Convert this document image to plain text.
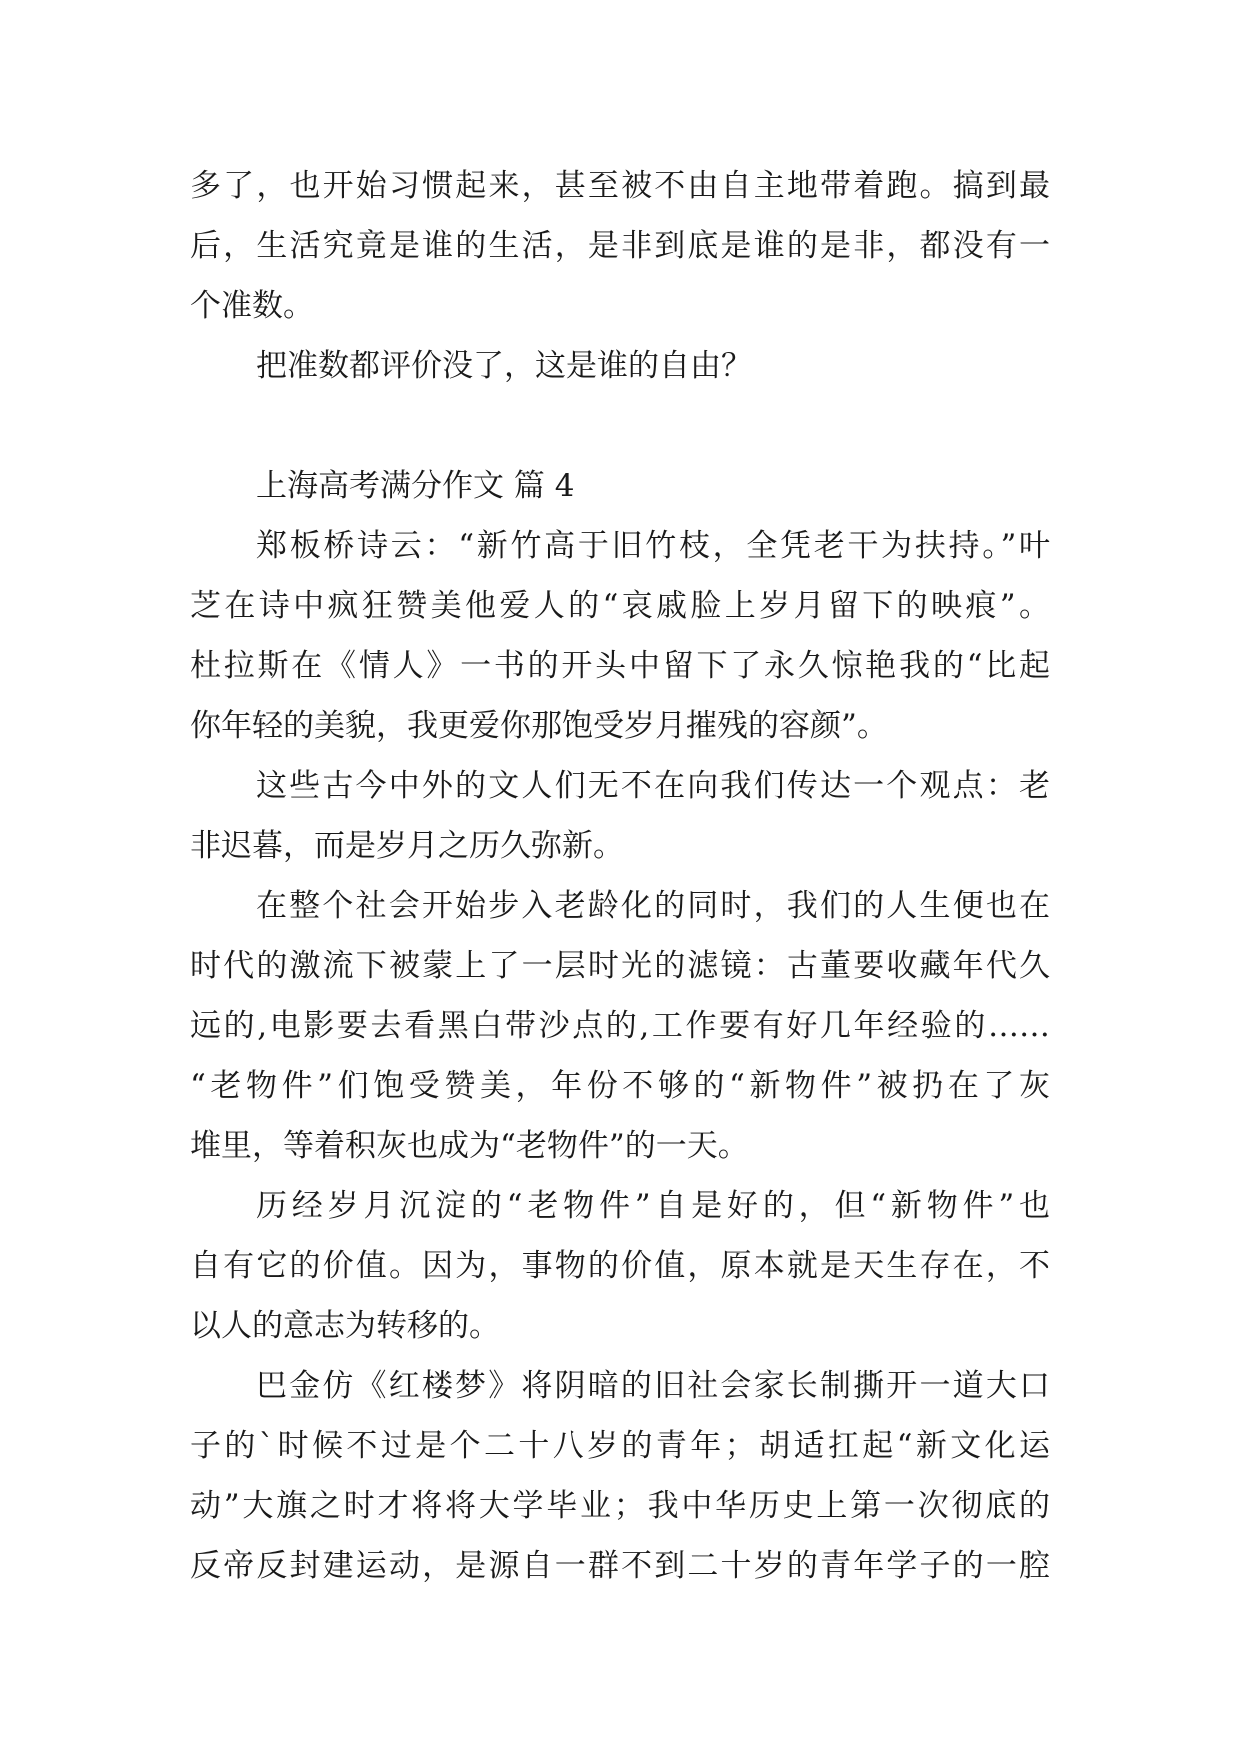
多了，也开始习惯起来，甚至被不由自主地带着跑。搞到最

后，生活究竟是谁的生活，是非到底是谁的是非，都没有一

个准数。

把准数都评价没了，这是谁的自由？

上海高考满分作文 篇 4

郑板桥诗云：“新竹高于旧竹枝，全凭老干为扶持。”叶

芝在诗中疯狂赞美他爱人的“哀戚脸上岁月留下的映痕”。

杜拉斯在《情人》一书的开头中留下了永久惊艳我的“比起

你年轻的美貌，我更爱你那饱受岁月摧残的容颜”。

这些古今中外的文人们无不在向我们传达一个观点：老

非迟暮，而是岁月之历久弥新。

在整个社会开始步入老龄化的同时，我们的人生便也在

时代的激流下被蒙上了一层时光的滤镜：古董要收藏年代久

远的,电影要去看黑白带沙点的,工作要有好几年经验的……

“老物件”们饱受赞美，年份不够的“新物件”被扔在了灰

堆里，等着积灰也成为“老物件”的一天。

历经岁月沉淀的“老物件”自是好的，但“新物件”也

自有它的价值。因为，事物的价值，原本就是天生存在，不

以人的意志为转移的。

巴金仿《红楼梦》将阴暗的旧社会家长制撕开一道大口

子的`时候不过是个二十八岁的青年；胡适扛起“新文化运

动”大旗之时才将将大学毕业；我中华历史上第一次彻底的

反帝反封建运动，是源自一群不到二十岁的青年学子的一腔
